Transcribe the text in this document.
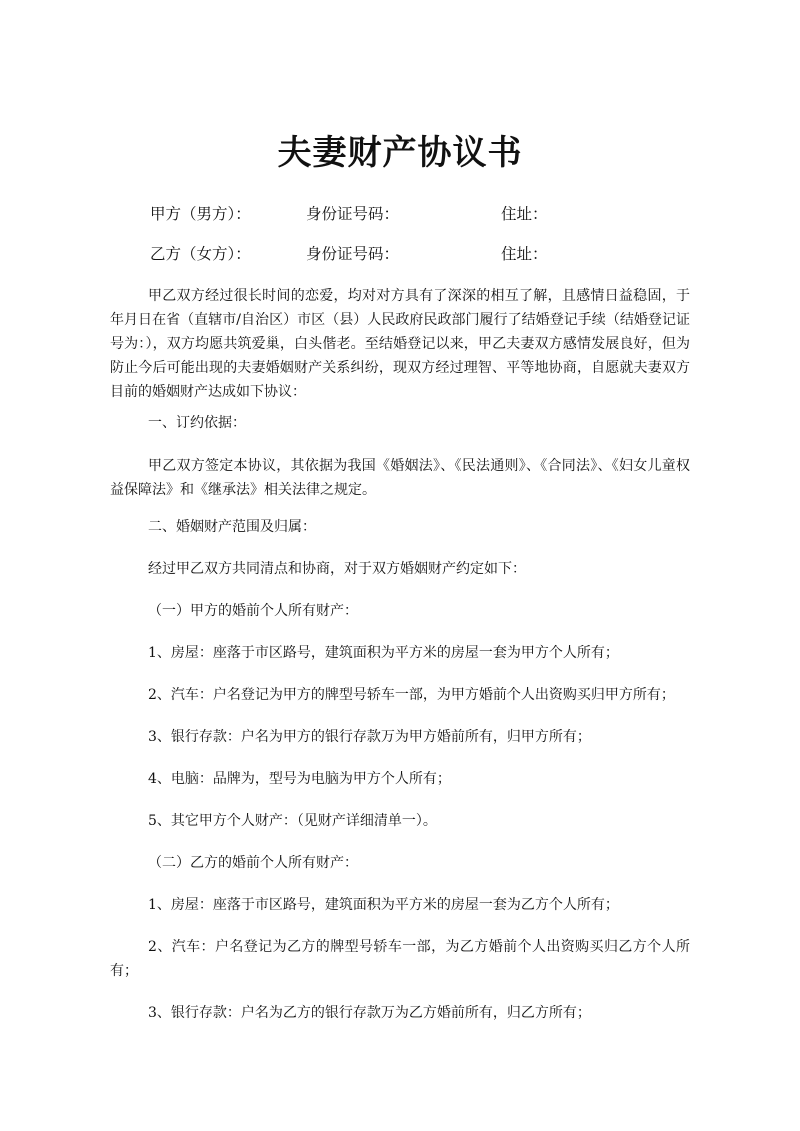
夫妻财产协议书
甲方（男方）：	身份证号码：	住址：
乙方（女方）：	身份证号码：	住址：

甲乙双方经过很长时间的恋爱，均对对方具有了深深的相互了解，且感情日益稳固，于年月日在省（直辖市/自治区）市区（县）人民政府民政部门履行了结婚登记手续（结婚登记证号为：），双方均愿共筑爱巢，白头偕老。至结婚登记以来，甲乙夫妻双方感情发展良好，但为防止今后可能出现的夫妻婚姻财产关系纠纷，现双方经过理智、平等地协商，自愿就夫妻双方目前的婚姻财产达成如下协议：

一、订约依据：

甲乙双方签定本协议，其依据为我国《婚姻法》、《民法通则》、《合同法》、《妇女儿童权益保障法》和《继承法》相关法律之规定。

二、婚姻财产范围及归属：

经过甲乙双方共同清点和协商，对于双方婚姻财产约定如下：

（一）甲方的婚前个人所有财产：

1、房屋：座落于市区路号，建筑面积为平方米的房屋一套为甲方个人所有；

2、汽车：户名登记为甲方的牌型号轿车一部，为甲方婚前个人出资购买归甲方所有；

3、银行存款：户名为甲方的银行存款万为甲方婚前所有，归甲方所有；

4、电脑：品牌为，型号为电脑为甲方个人所有；

5、其它甲方个人财产：（见财产详细清单一）。

（二）乙方的婚前个人所有财产：

1、房屋：座落于市区路号，建筑面积为平方米的房屋一套为乙方个人所有；

2、汽车：户名登记为乙方的牌型号轿车一部，为乙方婚前个人出资购买归乙方个人所有；

3、银行存款：户名为乙方的银行存款万为乙方婚前所有，归乙方所有；
